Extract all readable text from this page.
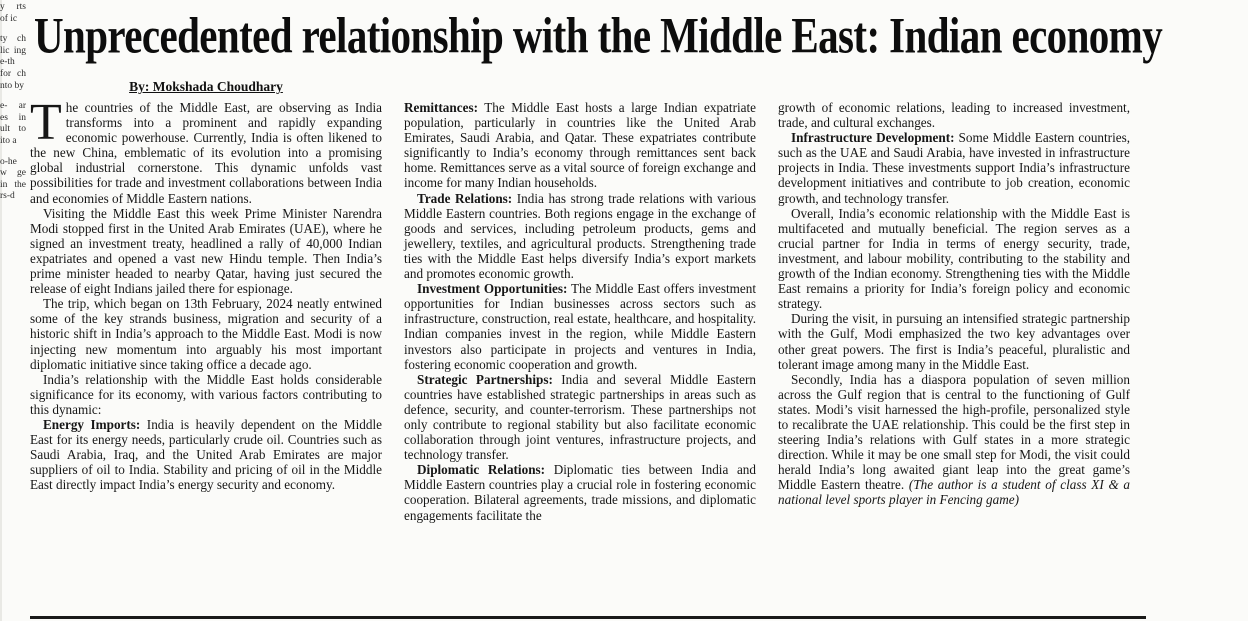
y rts of ic

ty ch lic ing e-th for ch nto by

e- ar es in ult to ito a

o-he w ge in the rs-d

Unprecedented relationship with the Middle East: Indian economy
By: Mokshada Choudhary

The countries of the Middle East, are observing as India transforms into a prominent and rapidly expanding economic powerhouse. Currently, India is often likened to the new China, emblematic of its evolution into a promising global industrial cornerstone. This dynamic unfolds vast possibilities for trade and investment collaborations between India and economies of Middle Eastern nations.

Visiting the Middle East this week Prime Minister Narendra Modi stopped first in the United Arab Emirates (UAE), where he signed an investment treaty, headlined a rally of 40,000 Indian expatriates and opened a vast new Hindu temple. Then India’s prime minister headed to nearby Qatar, having just secured the release of eight Indians jailed there for espionage.

The trip, which began on 13th February, 2024 neatly entwined some of the key strands business, migration and security of a historic shift in India’s approach to the Middle East. Modi is now injecting new momentum into arguably his most important diplomatic initiative since taking office a decade ago.

India’s relationship with the Middle East holds considerable significance for its economy, with various factors contributing to this dynamic:

Energy Imports: India is heavily dependent on the Middle East for its energy needs, particularly crude oil. Countries such as Saudi Arabia, Iraq, and the United Arab Emirates are major suppliers of oil to India. Stability and pricing of oil in the Middle East directly impact India’s energy security and economy.

Remittances: The Middle East hosts a large Indian expatriate population, particularly in countries like the United Arab Emirates, Saudi Arabia, and Qatar. These expatriates contribute significantly to India’s economy through remittances sent back home. Remittances serve as a vital source of foreign exchange and income for many Indian households.

Trade Relations: India has strong trade relations with various Middle Eastern countries. Both regions engage in the exchange of goods and services, including petroleum products, gems and jewellery, textiles, and agricultural products. Strengthening trade ties with the Middle East helps diversify India’s export markets and promotes economic growth.

Investment Opportunities: The Middle East offers investment opportunities for Indian businesses across sectors such as infrastructure, construction, real estate, healthcare, and hospitality. Indian companies invest in the region, while Middle Eastern investors also participate in projects and ventures in India, fostering economic cooperation and growth.

Strategic Partnerships: India and several Middle Eastern countries have established strategic partnerships in areas such as defence, security, and counter-terrorism. These partnerships not only contribute to regional stability but also facilitate economic collaboration through joint ventures, infrastructure projects, and technology transfer.

Diplomatic Relations: Diplomatic ties between India and Middle Eastern countries play a crucial role in fostering economic cooperation. Bilateral agreements, trade missions, and diplomatic engagements facilitate the

growth of economic relations, leading to increased investment, trade, and cultural exchanges.

Infrastructure Development: Some Middle Eastern countries, such as the UAE and Saudi Arabia, have invested in infrastructure projects in India. These investments support India’s infrastructure development initiatives and contribute to job creation, economic growth, and technology transfer.

Overall, India’s economic relationship with the Middle East is multifaceted and mutually beneficial. The region serves as a crucial partner for India in terms of energy security, trade, investment, and labour mobility, contributing to the stability and growth of the Indian economy. Strengthening ties with the Middle East remains a priority for India’s foreign policy and economic strategy.

During the visit, in pursuing an intensified strategic partnership with the Gulf, Modi emphasized the two key advantages over other great powers. The first is India’s peaceful, pluralistic and tolerant image among many in the Middle East.

Secondly, India has a diaspora population of seven million across the Gulf region that is central to the functioning of Gulf states. Modi’s visit harnessed the high-profile, personalized style to recalibrate the UAE relationship. This could be the first step in steering India’s relations with Gulf states in a more strategic direction. While it may be one small step for Modi, the visit could herald India’s long awaited giant leap into the great game’s Middle Eastern theatre. (The author is a student of class XI & a national level sports player in Fencing game)
